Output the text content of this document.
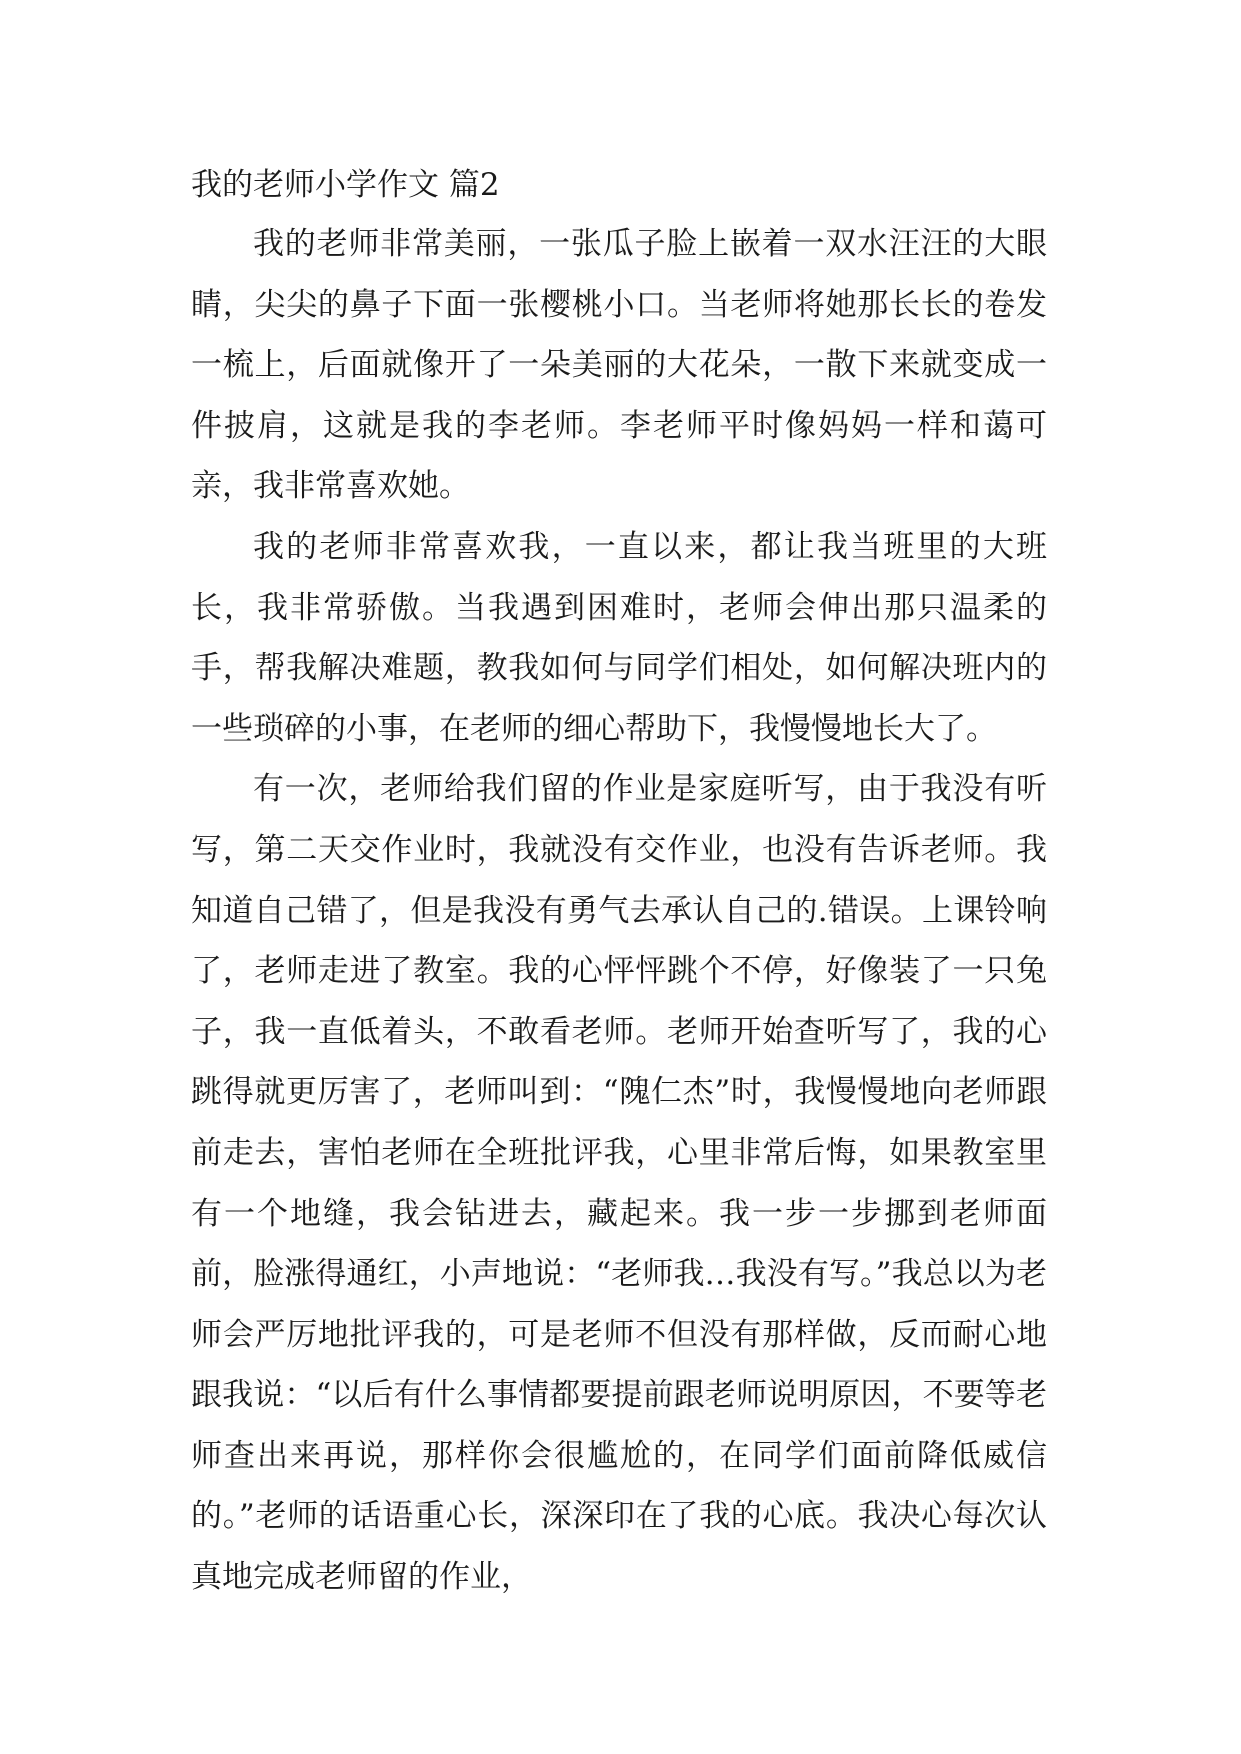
我的老师小学作文 篇2

我的老师非常美丽，一张瓜子脸上嵌着一双水汪汪的大眼睛，尖尖的鼻子下面一张樱桃小口。当老师将她那长长的卷发一梳上，后面就像开了一朵美丽的大花朵，一散下来就变成一件披肩，这就是我的李老师。李老师平时像妈妈一样和蔼可亲，我非常喜欢她。

我的老师非常喜欢我，一直以来，都让我当班里的大班长，我非常骄傲。当我遇到困难时，老师会伸出那只温柔的手，帮我解决难题，教我如何与同学们相处，如何解决班内的一些琐碎的小事，在老师的细心帮助下，我慢慢地长大了。

有一次，老师给我们留的作业是家庭听写，由于我没有听写，第二天交作业时，我就没有交作业，也没有告诉老师。我知道自己错了，但是我没有勇气去承认自己的.错误。上课铃响了，老师走进了教室。我的心怦怦跳个不停，好像装了一只兔子，我一直低着头，不敢看老师。老师开始查听写了，我的心跳得就更厉害了，老师叫到：“隗仁杰”时，我慢慢地向老师跟前走去，害怕老师在全班批评我，心里非常后悔，如果教室里有一个地缝，我会钻进去，藏起来。我一步一步挪到老师面前，脸涨得通红，小声地说：“老师我…我没有写。”我总以为老师会严厉地批评我的，可是老师不但没有那样做，反而耐心地跟我说：“以后有什么事情都要提前跟老师说明原因，不要等老师查出来再说，那样你会很尴尬的，在同学们面前降低威信的。”老师的话语重心长，深深印在了我的心底。我决心每次认真地完成老师留的作业，
